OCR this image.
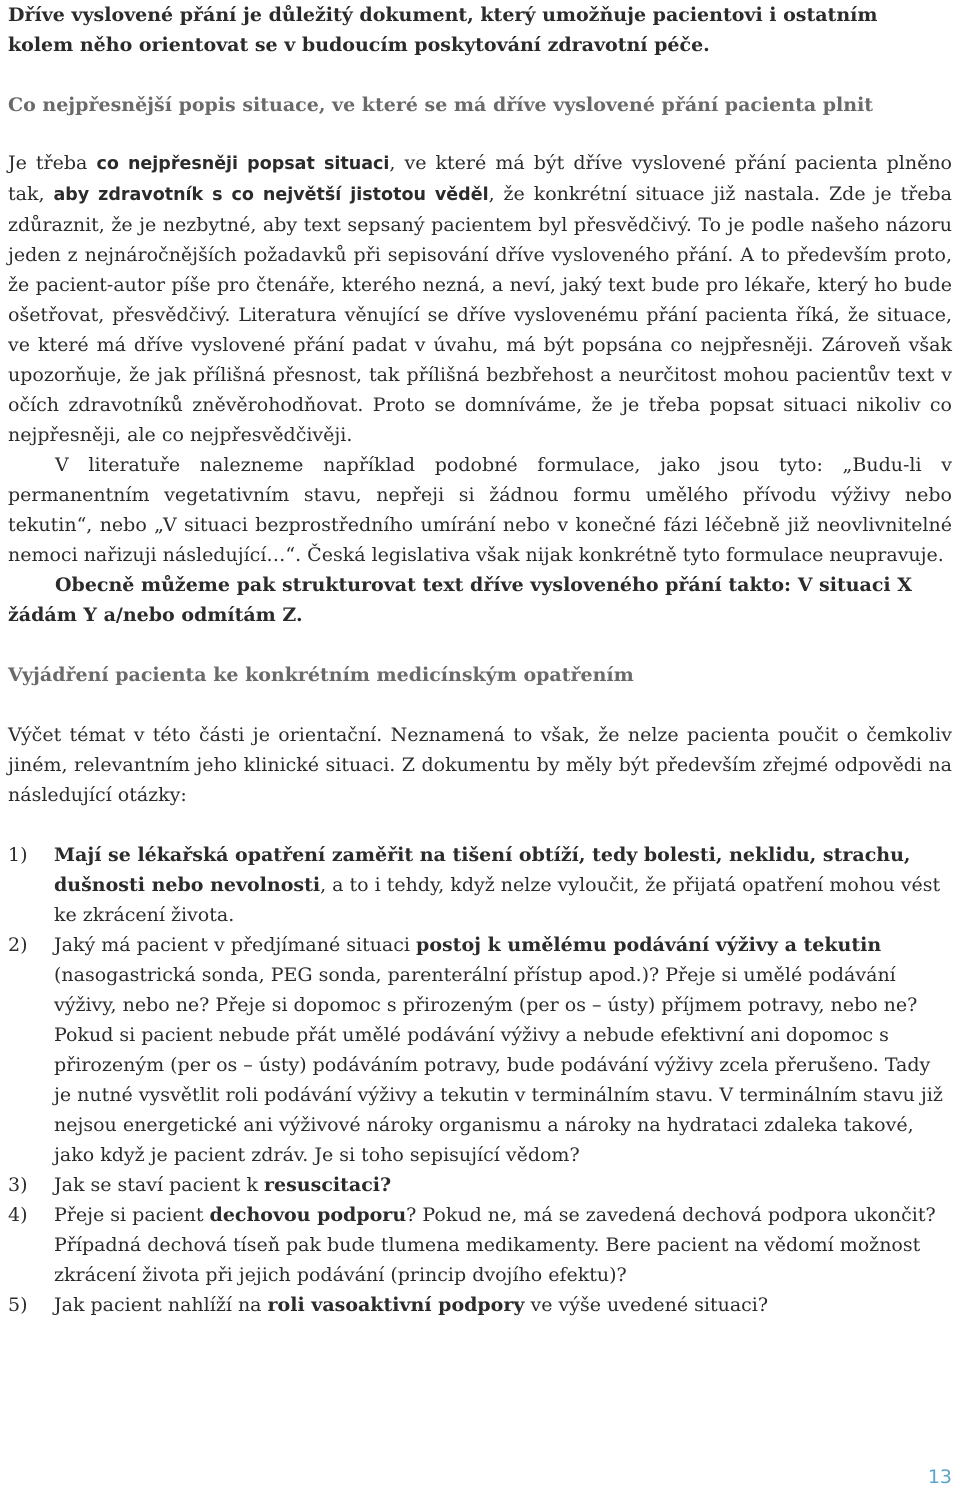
Dříve vyslovené přání je důležitý dokument, který umožňuje pacientovi i ostatním
kolem něho orientovat se v budoucím poskytování zdravotní péče.

Co nejpřesnější popis situace, ve které se má dříve vyslovené přání pacienta plnit

Je třeba co nejpřesněji popsat situaci, ve které má být dříve vyslovené přání pacienta plněno tak, aby zdravotník s co největší jistotou věděl, že konkrétní situace již nastala. Zde je třeba zdůraznit, že je nezbytné, aby text sepsaný pacientem byl přesvědčivý. To je podle našeho názoru jeden z nejnáročnějších požadavků při sepisování dříve vysloveného přání. A to především proto, že pacient-autor píše pro čtenáře, kterého nezná, a neví, jaký text bude pro lékaře, který ho bude ošetřovat, přesvědčivý. Literatura věnující se dříve vyslovenému přání pacienta říká, že situace, ve které má dříve vyslovené přání padat v úvahu, má být popsána co nejpřesněji. Zároveň však upozorňuje, že jak přílišná přesnost, tak přílišná bezbřehost a neurčitost mohou pacientův text v očích zdravotníků zněvěrohodňovat. Proto se domníváme, že je třeba popsat situaci nikoliv co nejpřesněji, ale co nejpřesvědčivěji.

V literatuře nalezneme například podobné formulace, jako jsou tyto: „Budu-li v permanentním vegetativním stavu, nepřeji si žádnou formu umělého přívodu výživy nebo tekutin“, nebo „V situaci bezprostředního umírání nebo v konečné fázi léčebně již neovlivnitelné nemoci nařizuji následující…“. Česká legislativa však nijak konkrétně tyto formulace neupravuje.

Obecně můžeme pak strukturovat text dříve vysloveného přání takto: V situaci X žádám Y a/nebo odmítám Z.

Vyjádření pacienta ke konkrétním medicínským opatřením

Výčet témat v této části je orientační. Neznamená to však, že nelze pacienta poučit o čemkoliv jiném, relevantním jeho klinické situaci. Z dokumentu by měly být především zřejmé odpovědi na následující otázky:

1)	Mají se lékařská opatření zaměřit na tišení obtíží, tedy bolesti, neklidu, strachu, dušnosti nebo nevolnosti, a to i tehdy, když nelze vyloučit, že přijatá opatření mohou vést ke zkrácení života.
2)	Jaký má pacient v předjímané situaci postoj k umělému podávání výživy a tekutin (nasogastrická sonda, PEG sonda, parenterální přístup apod.)? Přeje si umělé podávání výživy, nebo ne? Přeje si dopomoc s přirozeným (per os – ústy) příjmem potravy, nebo ne? Pokud si pacient nebude přát umělé podávání výživy a nebude efektivní ani dopomoc s přirozeným (per os – ústy) podáváním potravy, bude podávání výživy zcela přerušeno. Tady je nutné vysvětlit roli podávání výživy a tekutin v terminálním stavu. V terminálním stavu již nejsou energetické ani výživové nároky organismu a nároky na hydrataci zdaleka takové, jako když je pacient zdráv. Je si toho sepisující vědom?
3)	Jak se staví pacient k resuscitaci?
4)	Přeje si pacient dechovou podporu? Pokud ne, má se zavedená dechová podpora ukončit? Případná dechová tíseň pak bude tlumena medikamenty. Bere pacient na vědomí možnost zkrácení života při jejich podávání (princip dvojího efektu)?
5)	Jak pacient nahlíží na roli vasoaktivní podpory ve výše uvedené situaci?
13
